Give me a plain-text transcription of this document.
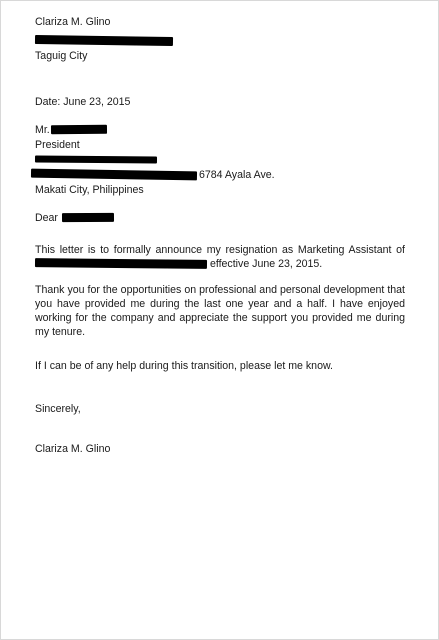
Clariza M. Glino
Taguig City
Date: June 23, 2015
Mr.
President
6784 Ayala Ave.
Makati City, Philippines
Dear
This letter is to formally announce my resignation as Marketing Assistant of  effective June 23, 2015.
Thank you for the opportunities on professional and personal development that you have provided me during the last one year and a half. I have enjoyed working for the company and appreciate the support you provided me during my tenure.
If I can be of any help during this transition, please let me know.
Sincerely,
Clariza M. Glino
